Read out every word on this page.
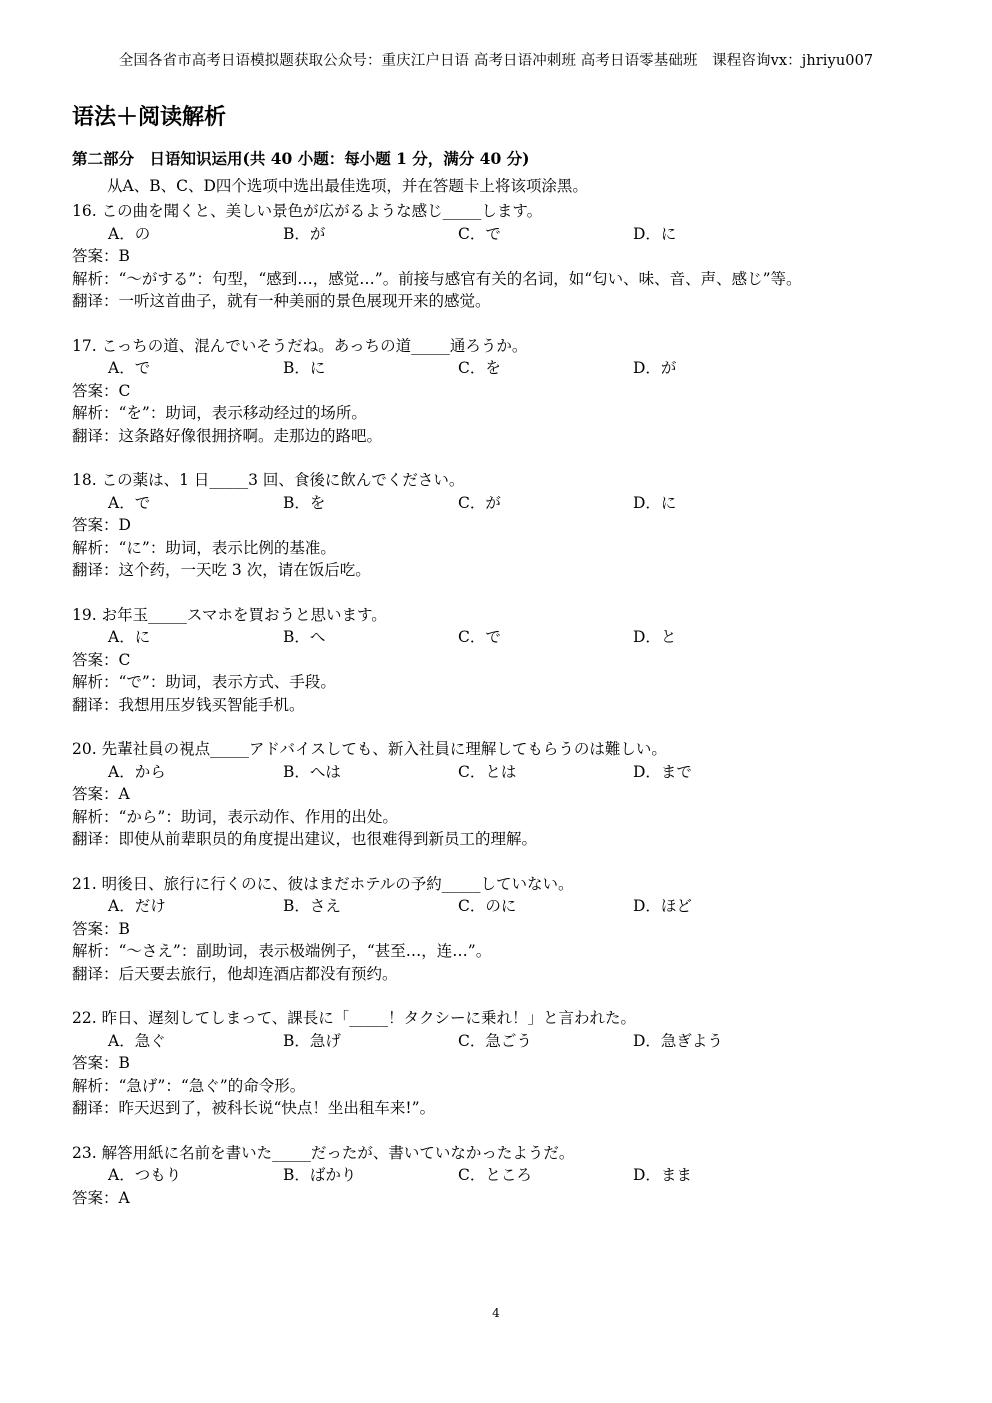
全国各省市高考日语模拟题获取公众号：重庆江户日语 高考日语冲刺班 高考日语零基础班　课程咨询vx：jhriyu007
语法＋阅读解析
第二部分　日语知识运用(共 40 小题：每小题 1 分，满分 40 分)
从A、B、C、D四个选项中选出最佳选项，并在答题卡上将该项涂黑。
16. この曲を聞くと、美しい景色が広がるような感じ_____します。
A．の	B．が	C．で	D．に
答案：B
解析：“～がする”：句型，“感到…，感觉…”。前接与感官有关的名词，如“匂い、味、音、声、感じ”等。
翻译：一听这首曲子，就有一种美丽的景色展现开来的感觉。
17. こっちの道、混んでいそうだね。あっちの道_____通ろうか。
A．で	B．に	C．を	D．が
答案：C
解析：“を”：助词，表示移动经过的场所。
翻译：这条路好像很拥挤啊。走那边的路吧。
18. この薬は、1 日_____3 回、食後に飲んでください。
A．で	B．を	C．が	D．に
答案：D
解析：“に”：助词，表示比例的基准。
翻译：这个药，一天吃 3 次，请在饭后吃。
19. お年玉_____スマホを買おうと思います。
A．に	B．へ	C．で	D．と
答案：C
解析：“で”：助词，表示方式、手段。
翻译：我想用压岁钱买智能手机。
20. 先輩社員の視点_____アドバイスしても、新入社員に理解してもらうのは難しい。
A．から	B．へは	C．とは	D．まで
答案：A
解析：“から”：助词，表示动作、作用的出处。
翻译：即使从前辈职员的角度提出建议，也很难得到新员工的理解。
21. 明後日、旅行に行くのに、彼はまだホテルの予約_____していない。
A．だけ	B．さえ	C．のに	D．ほど
答案：B
解析：“～さえ”：副助词，表示极端例子，“甚至…，连…”。
翻译：后天要去旅行，他却连酒店都没有预约。
22. 昨日、遅刻してしまって、課長に「_____！タクシーに乗れ！」と言われた。
A．急ぐ	B．急げ	C．急ごう	D．急ぎよう
答案：B
解析：“急げ”：“急ぐ”的命令形。
翻译：昨天迟到了，被科长说“快点！坐出租车来!”。
23. 解答用紙に名前を書いた_____だったが、書いていなかったようだ。
A．つもり	B．ばかり	C．ところ	D．まま
答案：A
4
